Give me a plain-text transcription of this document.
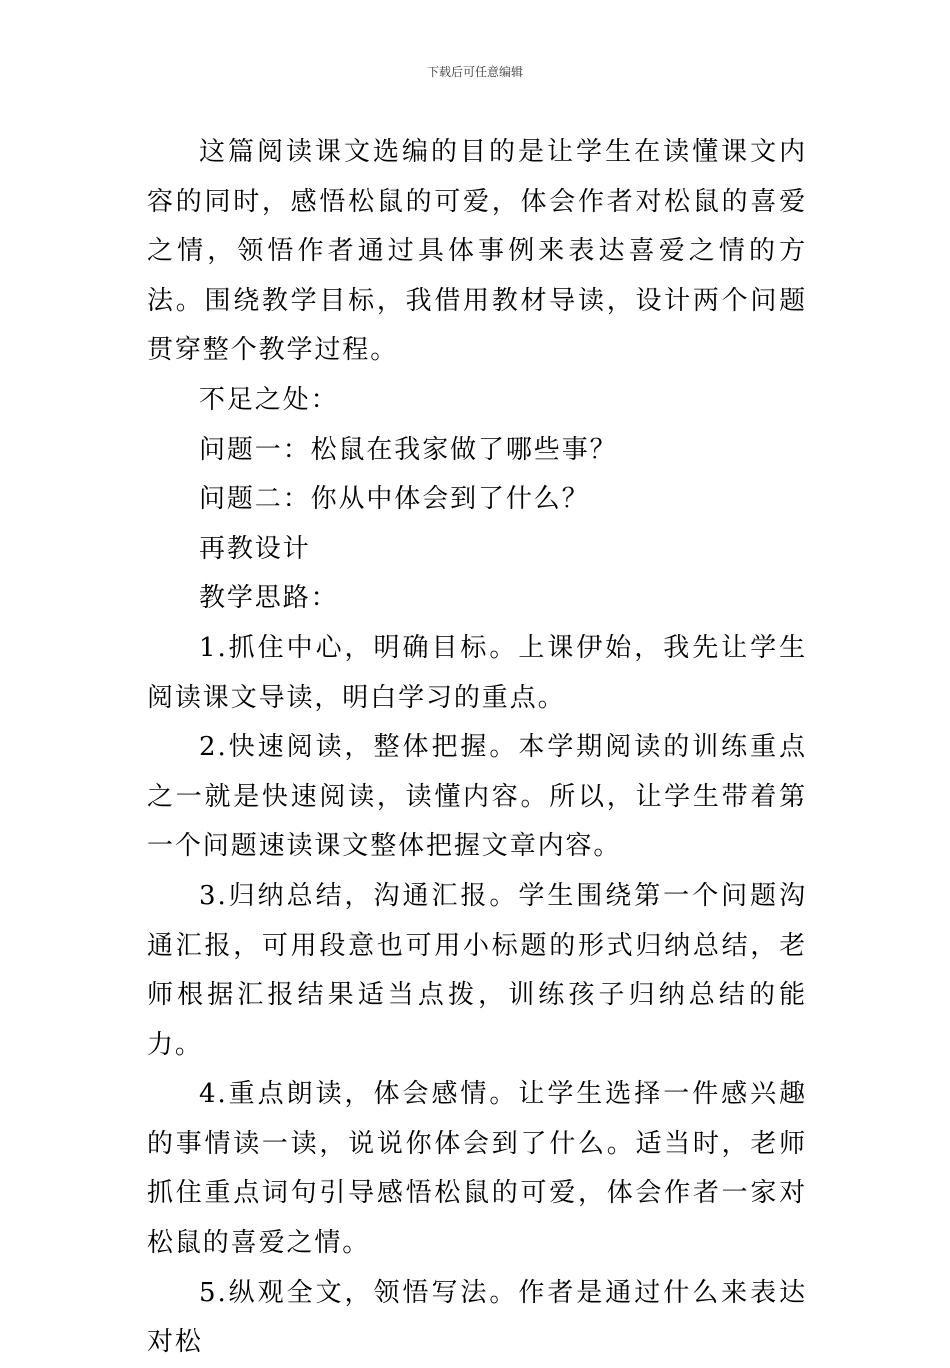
下载后可任意编辑

这篇阅读课文选编的目的是让学生在读懂课文内容的同时，感悟松鼠的可爱，体会作者对松鼠的喜爱之情，领悟作者通过具体事例来表达喜爱之情的方法。围绕教学目标，我借用教材导读，设计两个问题贯穿整个教学过程。

不足之处：

问题一：松鼠在我家做了哪些事？

问题二：你从中体会到了什么？

再教设计

教学思路：

1.抓住中心，明确目标。上课伊始，我先让学生阅读课文导读，明白学习的重点。

2.快速阅读，整体把握。本学期阅读的训练重点之一就是快速阅读，读懂内容。所以，让学生带着第一个问题速读课文整体把握文章内容。

3.归纳总结，沟通汇报。学生围绕第一个问题沟通汇报，可用段意也可用小标题的形式归纳总结，老师根据汇报结果适当点拨，训练孩子归纳总结的能力。

4.重点朗读，体会感情。让学生选择一件感兴趣的事情读一读，说说你体会到了什么。适当时，老师抓住重点词句引导感悟松鼠的可爱，体会作者一家对松鼠的喜爱之情。

5.纵观全文，领悟写法。作者是通过什么来表达对松
